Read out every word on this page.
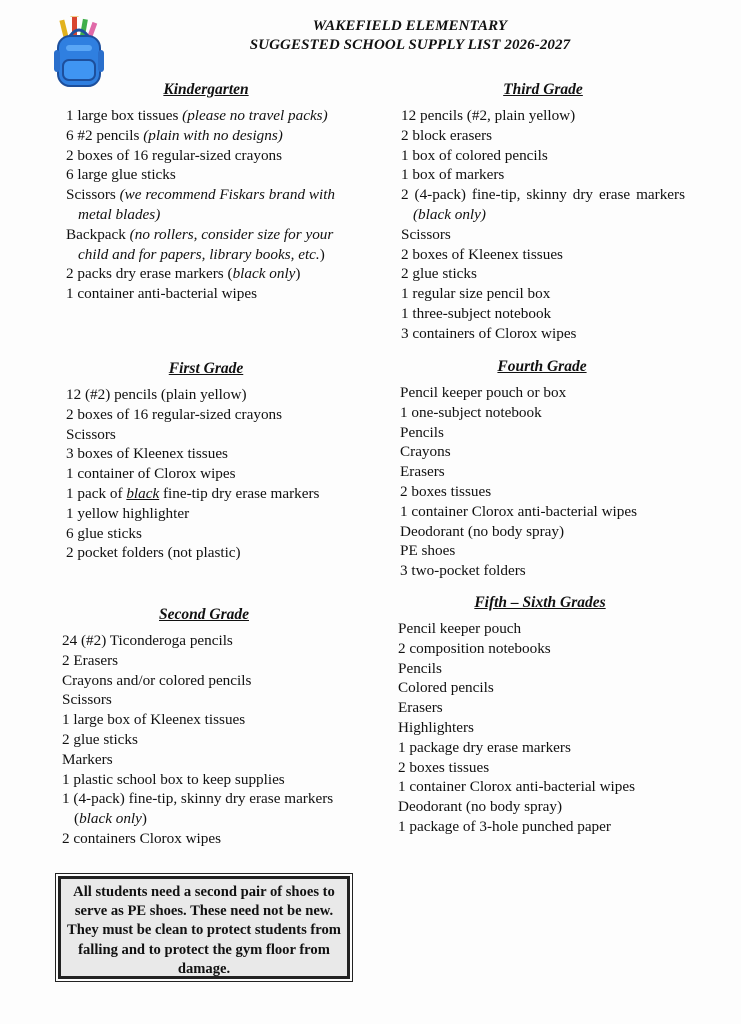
WAKEFIELD ELEMENTARY
SUGGESTED SCHOOL SUPPLY LIST 2026-2027
Kindergarten
1 large box tissues (please no travel packs)
6 #2 pencils (plain with no designs)
2 boxes of 16 regular-sized crayons
6 large glue sticks
Scissors (we recommend Fiskars brand with metal blades)
Backpack (no rollers, consider size for your child and for papers, library books, etc.)
2 packs dry erase markers (black only)
1 container anti-bacterial wipes
First Grade
12 (#2) pencils (plain yellow)
2 boxes of 16 regular-sized crayons
Scissors
3 boxes of Kleenex tissues
1 container of Clorox wipes
1 pack of black fine-tip dry erase markers
1 yellow highlighter
6 glue sticks
2 pocket folders (not plastic)
Second Grade
24 (#2) Ticonderoga pencils
2 Erasers
Crayons and/or colored pencils
Scissors
1 large box of Kleenex tissues
2 glue sticks
Markers
1 plastic school box to keep supplies
1 (4-pack) fine-tip, skinny dry erase markers (black only)
2 containers Clorox wipes
Third Grade
12 pencils (#2, plain yellow)
2 block erasers
1 box of colored pencils
1 box of markers
2 (4-pack) fine-tip, skinny dry erase markers (black only)
Scissors
2 boxes of Kleenex tissues
2 glue sticks
1 regular size pencil box
1 three-subject notebook
3 containers of Clorox wipes
Fourth Grade
Pencil keeper pouch or box
1 one-subject notebook
Pencils
Crayons
Erasers
2 boxes tissues
1 container Clorox anti-bacterial wipes
Deodorant (no body spray)
PE shoes
3 two-pocket folders
Fifth – Sixth Grades
Pencil keeper pouch
2 composition notebooks
Pencils
Colored pencils
Erasers
Highlighters
1 package dry erase markers
2 boxes tissues
1 container Clorox anti-bacterial wipes
Deodorant (no body spray)
1 package of 3-hole punched paper
All students need a second pair of shoes to serve as PE shoes. These need not be new. They must be clean to protect students from falling and to protect the gym floor from damage.
